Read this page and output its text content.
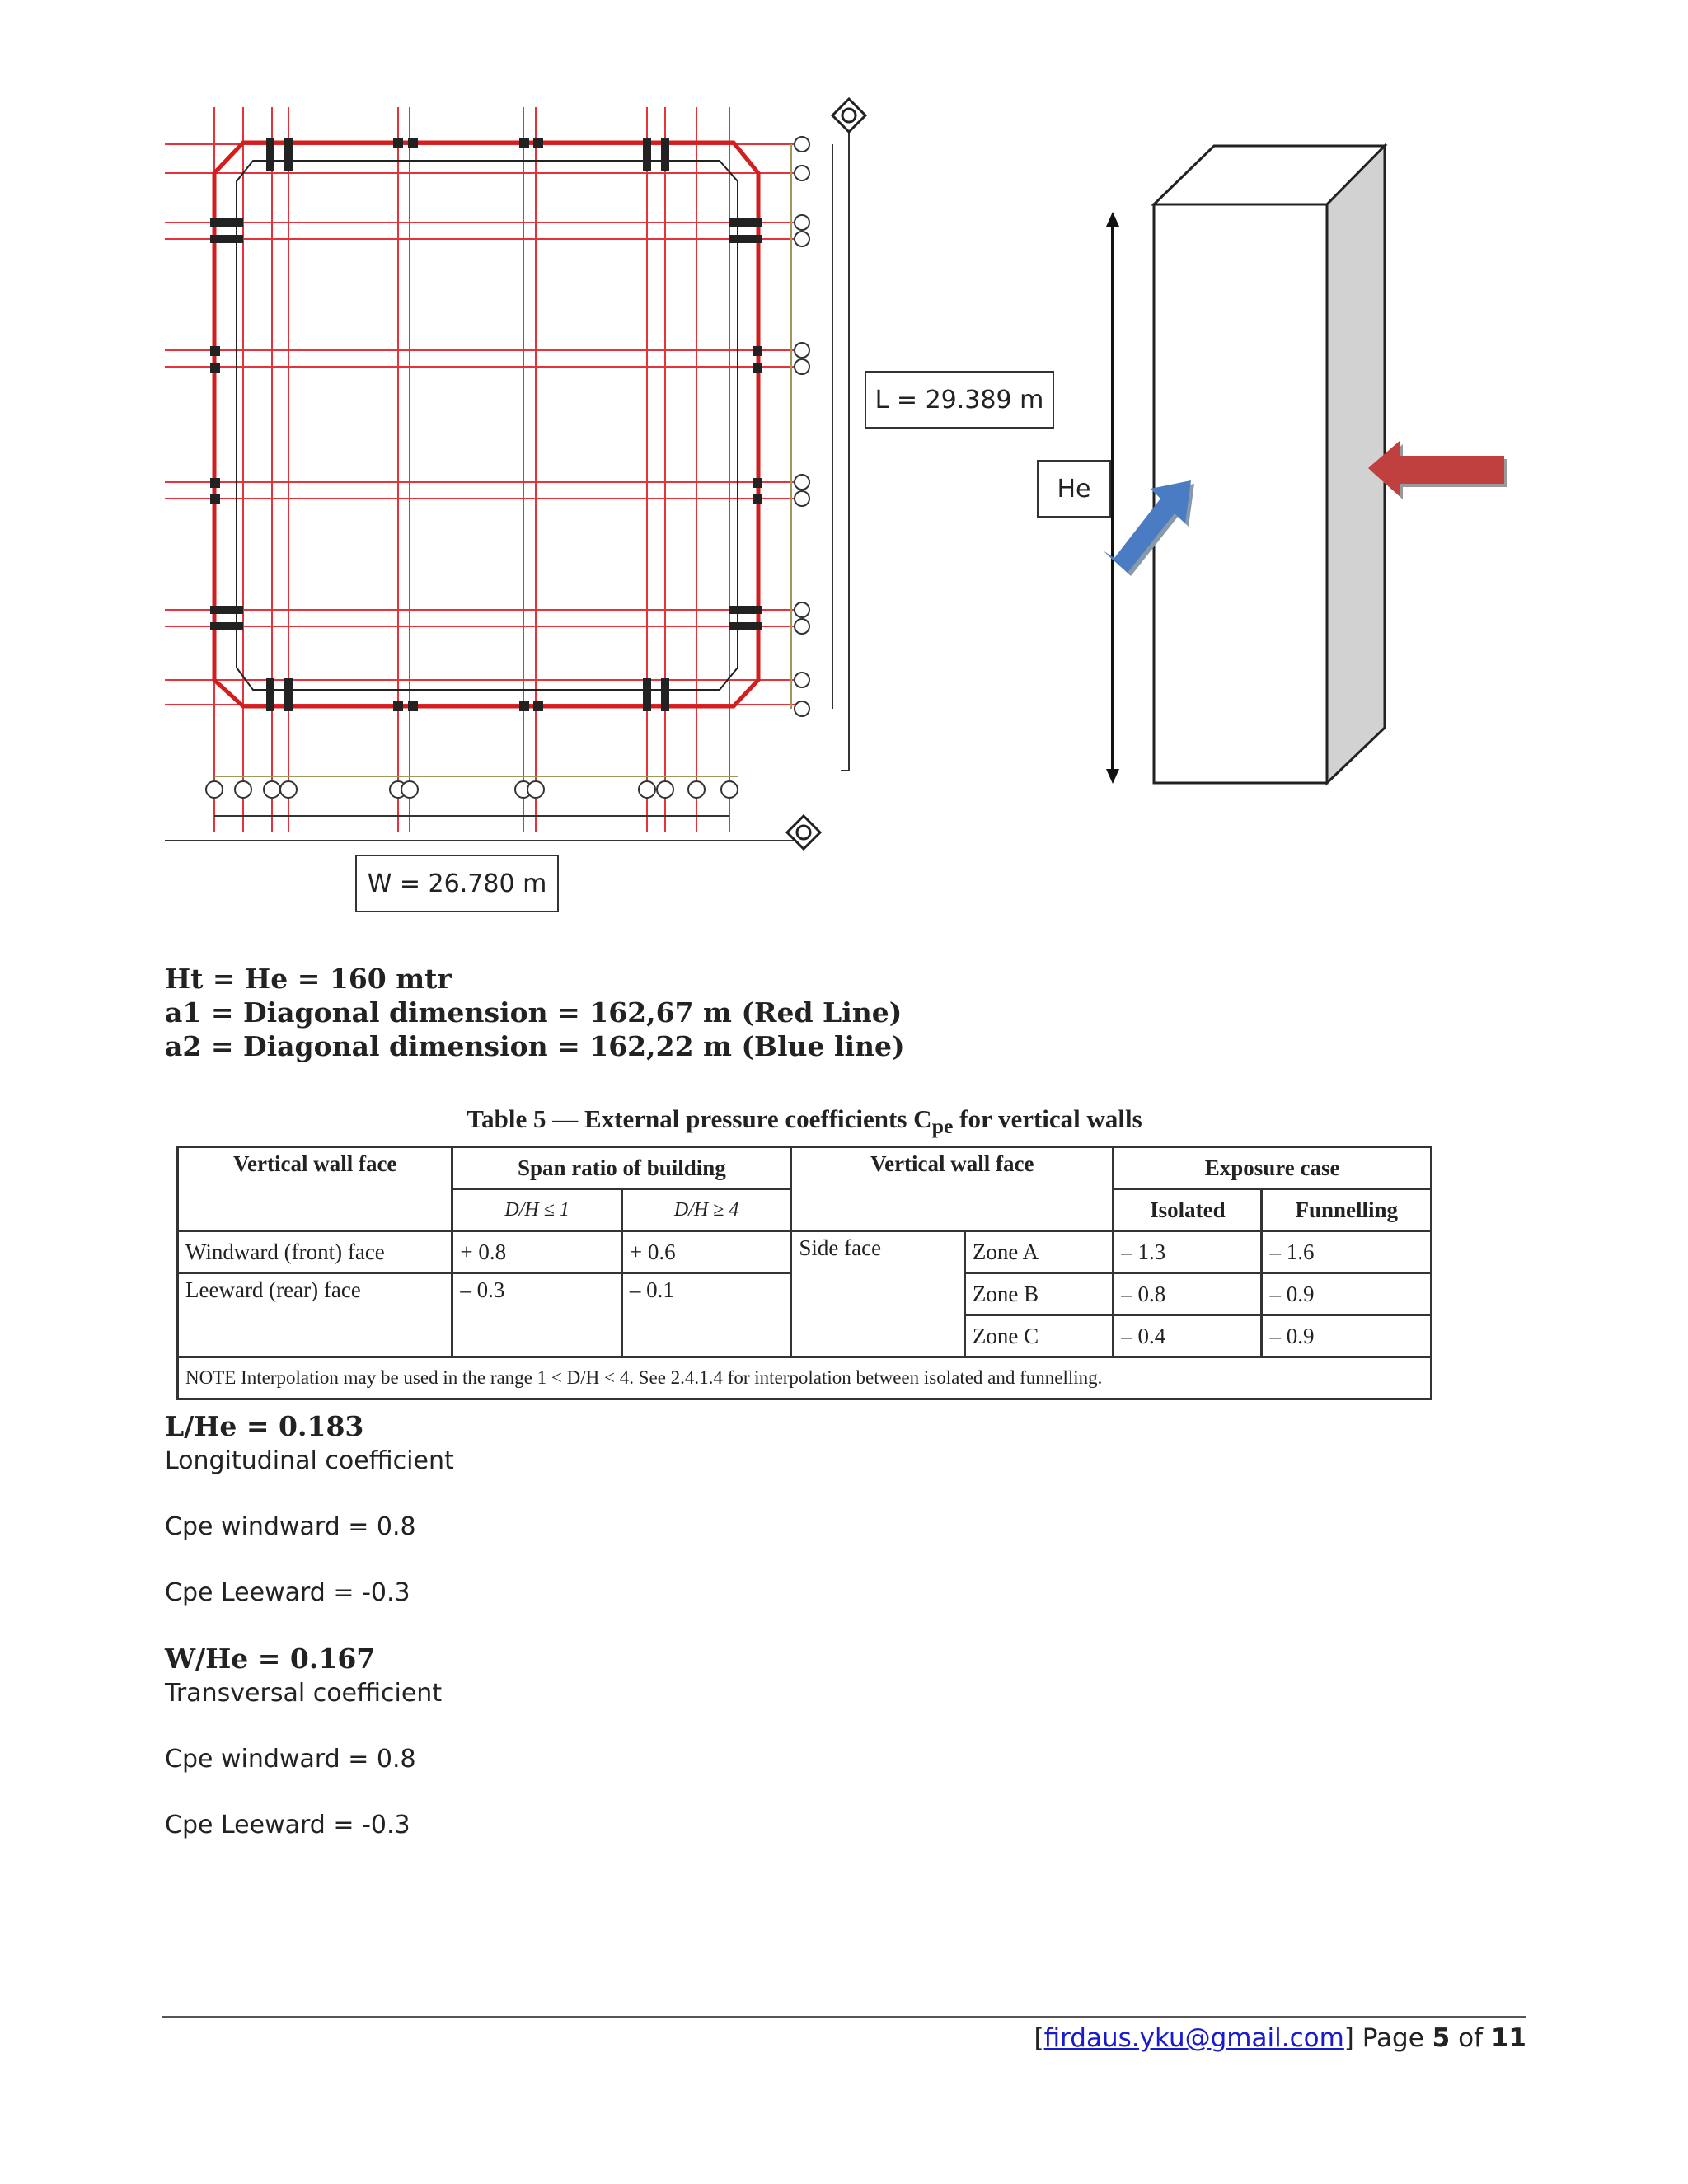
L = 29.389 m
W = 26.780 m
He
Ht = He = 160 mtr
a1 = Diagonal dimension = 162,67 m (Red Line)
a2 = Diagonal dimension = 162,22 m (Blue line)
Table 5 — External pressure coefficients $C_{pe}$ for vertical walls
Vertical wall face	Span ratio of building		Vertical wall face		Exposure case	
	D/H ≤ 1	D/H ≥ 4			Isolated	Funnelling
Windward (front) face	+ 0.8	+ 0.6	Side face	Zone A	– 1.3	– 1.6
Leeward (rear) face	– 0.3	– 0.1		Zone B	– 0.8	– 0.9
				Zone C	– 0.4	– 0.9
NOTE Interpolation may be used in the range 1 < D/H < 4. See 2.4.1.4 for interpolation between isolated and funnelling.						
L/He = 0.183
Longitudinal coefficient
Cpe windward = 0.8
Cpe Leeward = -0.3
W/He = 0.167
Transversal coefficient
Cpe windward = 0.8
Cpe Leeward = -0.3
[firdaus.yku@gmail.com] Page 5 of 11
